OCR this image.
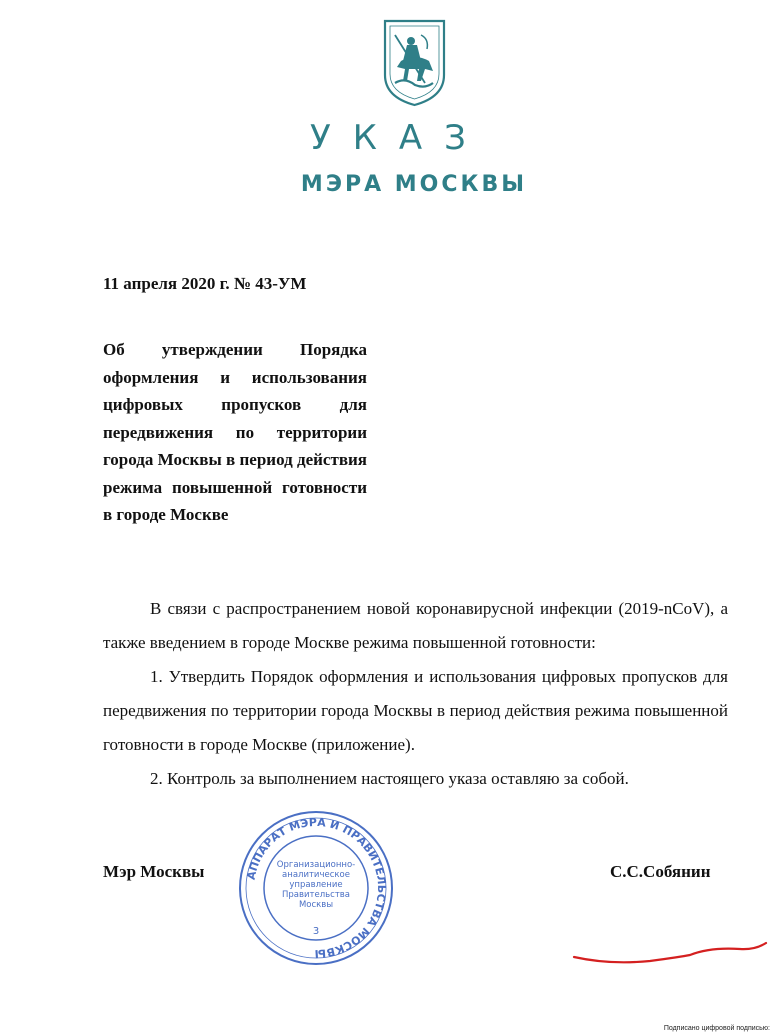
УКАЗ
МЭРА МОСКВЫ
11 апреля 2020 г. № 43-УМ
Об утверждении Порядка оформления и использования цифровых пропусков для передвижения по территории города Москвы в период действия режима повышенной готовности в городе Москве

В связи с распространением новой коронавирусной инфекции (2019-nCoV), а также введением в городе Москве режима повышенной готовности:

1. Утвердить Порядок оформления и использования цифровых пропусков для передвижения по территории города Москвы в период действия режима повышенной готовности в городе Москве (приложение).

2. Контроль за выполнением настоящего указа оставляю за собой.

Мэр Москвы	С.С.Собянин
АППАРАТ МЭРА И ПРАВИТЕЛЬСТВА МОСКВЫ
Организационно-аналитическое управление Правительства Москвы
3
Подписано цифровой подписью:
